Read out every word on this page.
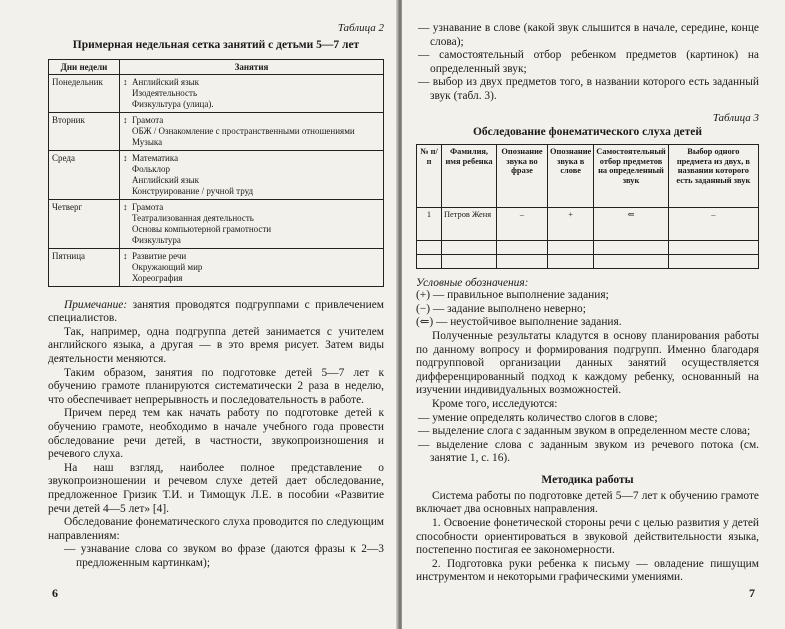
Таблица 2

Примерная недельная сетка занятий с детьми 5—7 лет
Дни недели	Занятия
Понедельник	↕ Английский язык
Изодеятельность
Физкультура (улица).

Вторник	↕ Грамота
ОБЖ / Ознакомление с пространственными отношениями
Музыка

Среда	↕ Математика
Фольклор
Английский язык
Конструирование / ручной труд

Четверг	↕ Грамота
Театрализованная деятельность
Основы компьютерной грамотности
Физкультура

Пятница	↕ Развитие речи
Окружающий мир
Хореография

Примечание: занятия проводятся подгруппами с привлечением специалистов.

Так, например, одна подгруппа детей занимается с учителем английского языка, а другая — в это время рисует. Затем виды деятельности меняются.

Таким образом, занятия по подготовке детей 5—7 лет к обучению грамоте планируются систематически 2 раза в неделю, что обеспечивает непрерывность и последовательность в работе.

Причем перед тем как начать работу по подготовке детей к обучению грамоте, необходимо в начале учебного года провести обследование речи детей, в частности, звукопроизношения и речевого слуха.

На наш взгляд, наиболее полное представление о звукопроизношении и речевом слухе детей дает обследование, предложенное Гризик Т.И. и Тимощук Л.Е. в пособии «Развитие речи детей 4—5 лет» [4].

Обследование фонематического слуха проводится по следующим направлениям:

— узнавание слова со звуком во фразе (даются фразы к 2—3 предложенным картинкам);
6
— узнавание в слове (какой звук слышится в начале, середине, конце слова);
— самостоятельный отбор ребенком предметов (картинок) на определенный звук;
— выбор из двух предметов того, в названии которого есть заданный звук (табл. 3).

Таблица 3

Обследование фонематического слуха детей
№ п/п	Фамилия, имя ребенка	Опознание звука во фразе	Опознание звука в слове	Самостоятельный отбор предметов на определенный звук	Выбор одного предмета из двух, в названии которого есть заданный звук
1	Петров Женя	–	+	⇐	–

Условные обозначения:

(+) — правильное выполнение задания;

(−) — задание выполнено неверно;

(⇐) — неустойчивое выполнение задания.

Полученные результаты кладутся в основу планирования работы по данному вопросу и формирования подгрупп. Именно благодаря подгрупповой организации данных занятий осуществляется дифференцированный подход к каждому ребенку, основанный на изучении индивидуальных возможностей.

Кроме того, исследуются:

— умение определять количество слогов в слове;
— выделение слога с заданным звуком в определенном месте слова;
— выделение слова с заданным звуком из речевого потока (см. занятие 1, с. 16).
Методика работы

Система работы по подготовке детей 5—7 лет к обучению грамоте включает два основных направления.

1. Освоение фонетической стороны речи с целью развития у детей способности ориентироваться в звуковой действительности языка, постепенно постигая ее закономерности.

2. Подготовка руки ребенка к письму — овладение пишущим инструментом и некоторыми графическими умениями.

7
